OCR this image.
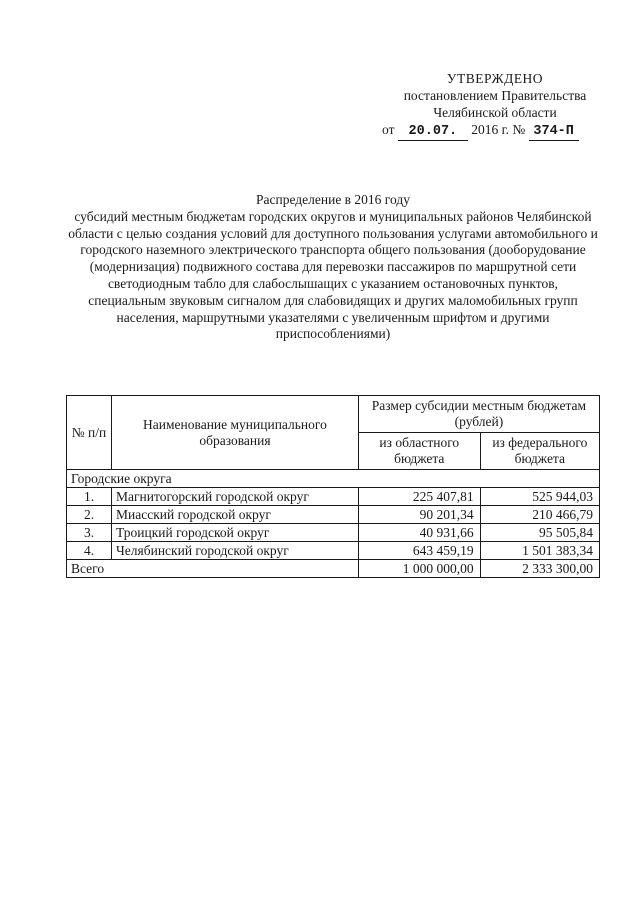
УТВЕРЖДЕНО
постановлением Правительства
Челябинской области
от 20.07. 2016 г. № 374-П
Распределение в 2016 году
субсидий местным бюджетам городских округов и муниципальных районов Челябинской области с целью создания условий для доступного пользования услугами автомобильного и городского наземного электрического транспорта общего пользования (дооборудование (модернизация) подвижного состава для перевозки пассажиров по маршрутной сети светодиодным табло для слабослышащих с указанием остановочных пунктов, специальным звуковым сигналом для слабовидящих и других маломобильных групп населения, маршрутными указателями с увеличенным шрифтом и другими приспособлениями)
№ п/п	Наименование муниципального образования	Размер субсидии местным бюджетам (рублей)	
		из областного бюджета	из федерального бюджета
Городские округа			
1.	Магнитогорский городской округ	225 407,81	525 944,03
2.	Миасский городской округ	90 201,34	210 466,79
3.	Троицкий городской округ	40 931,66	95 505,84
4.	Челябинский городской округ	643 459,19	1 501 383,34
Всего		1 000 000,00	2 333 300,00
